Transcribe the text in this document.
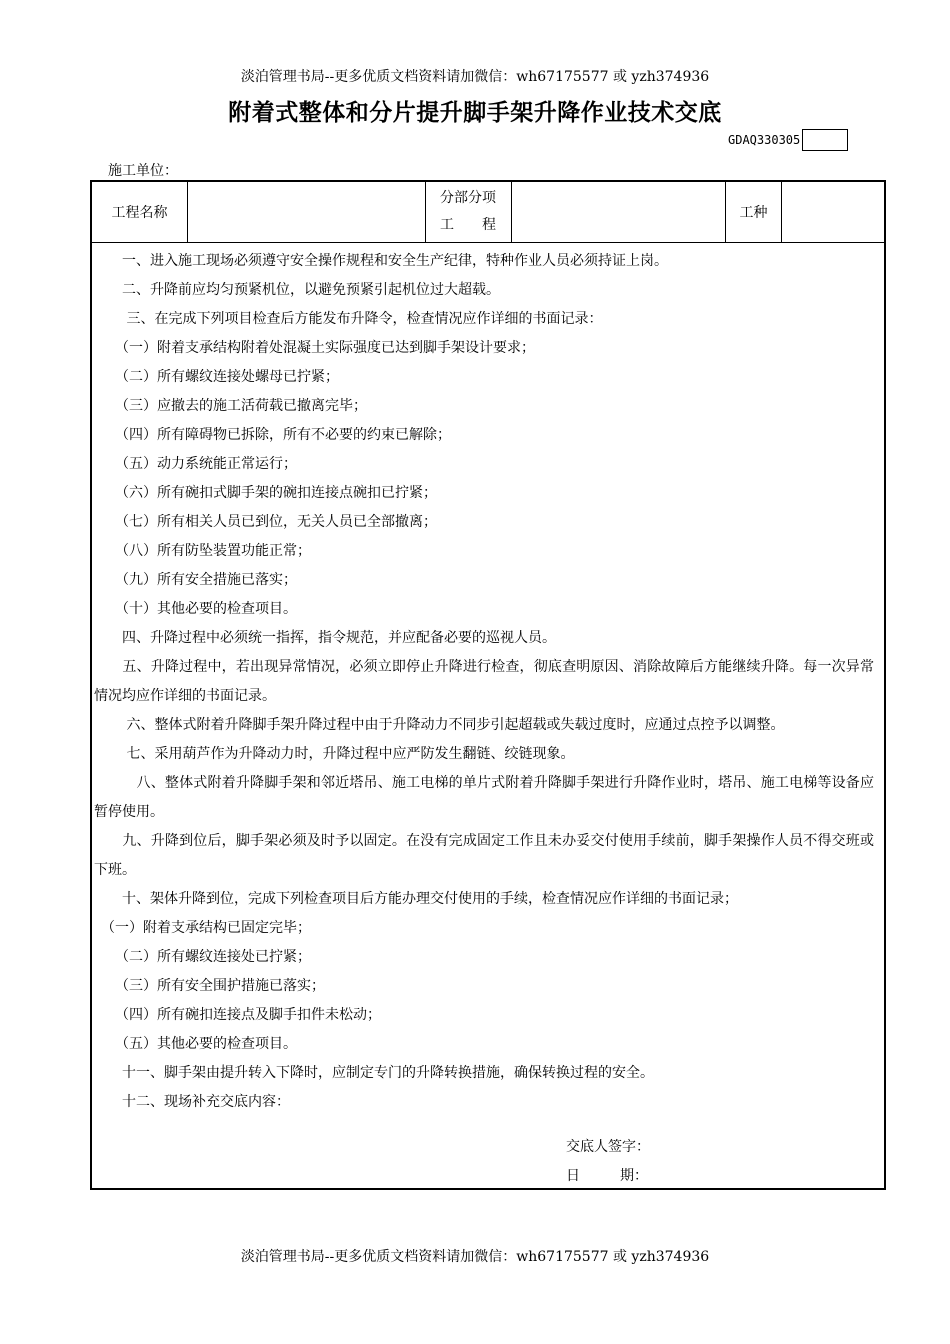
淡泊管理书局--更多优质文档资料请加微信：wh67175577 或 yzh374936
附着式整体和分片提升脚手架升降作业技术交底
GDAQ330305
施工单位：
工程名称
分部分项
工　　程
工种
　　一、进入施工现场必须遵守安全操作规程和安全生产纪律，特种作业人员必须持证上岗。
　　二、升降前应均匀预紧机位，以避免预紧引起机位过大超载。
　　 三、在完成下列项目检查后方能发布升降令，检查情况应作详细的书面记录：
　　（一）附着支承结构附着处混凝土实际强度已达到脚手架设计要求；
　　（二）所有螺纹连接处螺母已拧紧；
　　（三）应撤去的施工活荷载已撤离完毕；
　　（四）所有障碍物已拆除，所有不必要的约束已解除；
　　（五）动力系统能正常运行；
　　（六）所有碗扣式脚手架的碗扣连接点碗扣已拧紧；
　　（七）所有相关人员已到位，无关人员已全部撤离；
　　（八）所有防坠装置功能正常；
　　（九）所有安全措施已落实；
　　（十）其他必要的检查项目。
　　四、升降过程中必须统一指挥，指令规范，并应配备必要的巡视人员。
　　五、升降过程中，若出现异常情况，必须立即停止升降进行检查，彻底查明原因、消除故障后方能继续升降。每一次异常情况均应作详细的书面记录。
　　 六、整体式附着升降脚手架升降过程中由于升降动力不同步引起超载或失载过度时，应通过点控予以调整。
　　 七、采用葫芦作为升降动力时，升降过程中应严防发生翻链、绞链现象。
　　　八、整体式附着升降脚手架和邻近塔吊、施工电梯的单片式附着升降脚手架进行升降作业时，塔吊、施工电梯等设备应暂停使用。
　　九、升降到位后，脚手架必须及时予以固定。在没有完成固定工作且未办妥交付使用手续前，脚手架操作人员不得交班或下班。
　　十、架体升降到位，完成下列检查项目后方能办理交付使用的手续，检查情况应作详细的书面记录；
　（一）附着支承结构已固定完毕；
　　（二）所有螺纹连接处已拧紧；
　　（三）所有安全围护措施已落实；
　　（四）所有碗扣连接点及脚手扣件未松动；
　　（五）其他必要的检查项目。
　　十一、脚手架由提升转入下降时，应制定专门的升降转换措施，确保转换过程的安全。
　　十二、现场补充交底内容：
交底人签字：
日	期：
淡泊管理书局--更多优质文档资料请加微信：wh67175577 或 yzh374936
